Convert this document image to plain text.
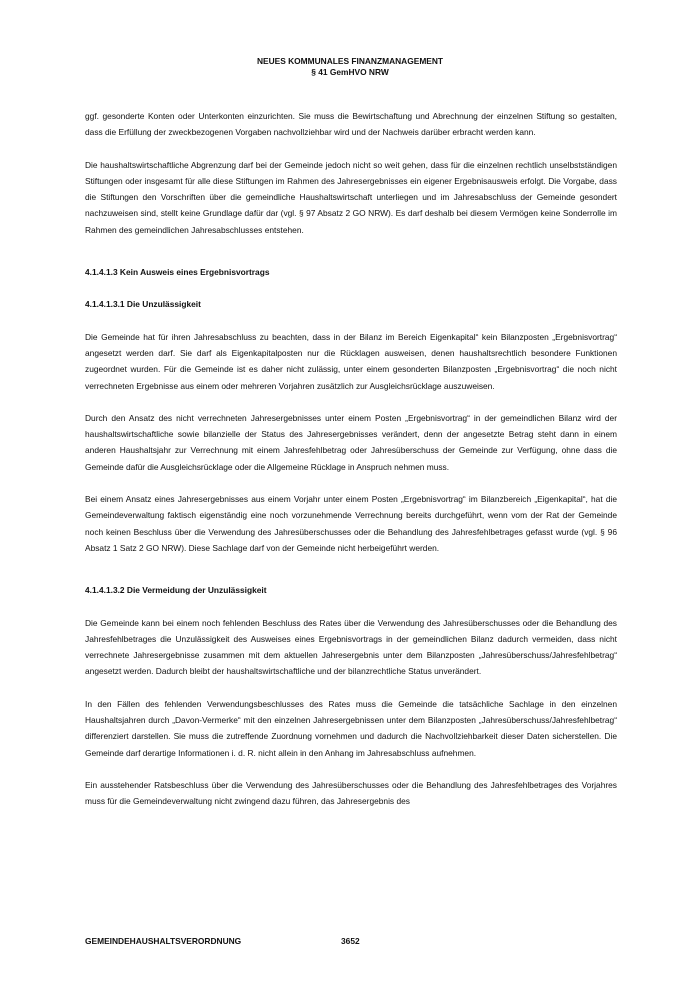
NEUES KOMMUNALES FINANZMANAGEMENT
§ 41 GemHVO NRW

ggf. gesonderte Konten oder Unterkonten einzurichten. Sie muss die Bewirtschaftung und Abrechnung der einzelnen Stiftung so gestalten, dass die Erfüllung der zweckbezogenen Vorgaben nachvollziehbar wird und der Nachweis darüber erbracht werden kann.

Die haushaltswirtschaftliche Abgrenzung darf bei der Gemeinde jedoch nicht so weit gehen, dass für die einzelnen rechtlich unselbstständigen Stiftungen oder insgesamt für alle diese Stiftungen im Rahmen des Jahresergebnisses ein eigener Ergebnisausweis erfolgt. Die Vorgabe, dass die Stiftungen den Vorschriften über die gemeindliche Haushaltswirtschaft unterliegen und im Jahresabschluss der Gemeinde gesondert nachzuweisen sind, stellt keine Grundlage dafür dar (vgl. § 97 Absatz 2 GO NRW). Es darf deshalb bei diesem Vermögen keine Sonderrolle im Rahmen des gemeindlichen Jahresabschlusses entstehen.

4.1.4.1.3 Kein Ausweis eines Ergebnisvortrags

4.1.4.1.3.1 Die Unzulässigkeit

Die Gemeinde hat für ihren Jahresabschluss zu beachten, dass in der Bilanz im Bereich Eigenkapital“ kein Bilanzposten „Ergebnisvortrag“ angesetzt werden darf. Sie darf als Eigenkapitalposten nur die Rücklagen ausweisen, denen haushaltsrechtlich besondere Funktionen zugeordnet wurden. Für die Gemeinde ist es daher nicht zulässig, unter einem gesonderten Bilanzposten „Ergebnisvortrag“ die noch nicht verrechneten Ergebnisse aus einem oder mehreren Vorjahren zusätzlich zur Ausgleichsrücklage auszuweisen.

Durch den Ansatz des nicht verrechneten Jahresergebnisses unter einem Posten „Ergebnisvortrag“ in der gemeindlichen Bilanz wird der haushaltswirtschaftliche sowie bilanzielle der Status des Jahresergebnisses verändert, denn der angesetzte Betrag steht dann in einem anderen Haushaltsjahr zur Verrechnung mit einem Jahresfehlbetrag oder Jahresüberschuss der Gemeinde zur Verfügung, ohne dass die Gemeinde dafür die Ausgleichsrücklage oder die Allgemeine Rücklage in Anspruch nehmen muss.

Bei einem Ansatz eines Jahresergebnisses aus einem Vorjahr unter einem Posten „Ergebnisvortrag“ im Bilanzbereich „Eigenkapital“, hat die Gemeindeverwaltung faktisch eigenständig eine noch vorzunehmende Verrechnung bereits durchgeführt, wenn vom der Rat der Gemeinde noch keinen Beschluss über die Verwendung des Jahresüberschusses oder die Behandlung des Jahresfehlbetrages gefasst wurde (vgl. § 96 Absatz 1 Satz 2 GO NRW). Diese Sachlage darf von der Gemeinde nicht herbeigeführt werden.

4.1.4.1.3.2 Die Vermeidung der Unzulässigkeit

Die Gemeinde kann bei einem noch fehlenden Beschluss des Rates über die Verwendung des Jahresüberschusses oder die Behandlung des Jahresfehlbetrages die Unzulässigkeit des Ausweises eines Ergebnisvortrags in der gemeindlichen Bilanz dadurch vermeiden, dass nicht verrechnete Jahresergebnisse zusammen mit dem aktuellen Jahresergebnis unter dem Bilanzposten „Jahresüberschuss/Jahresfehlbetrag“ angesetzt werden. Dadurch bleibt der haushaltswirtschaftliche und der bilanzrechtliche Status unverändert.

In den Fällen des fehlenden Verwendungsbeschlusses des Rates muss die Gemeinde die tatsächliche Sachlage in den einzelnen Haushaltsjahren durch „Davon-Vermerke“ mit den einzelnen Jahresergebnissen unter dem Bilanzposten „Jahresüberschuss/Jahresfehlbetrag“ differenziert darstellen. Sie muss die zutreffende Zuordnung vornehmen und dadurch die Nachvollziehbarkeit dieser Daten sicherstellen. Die Gemeinde darf derartige Informationen i. d. R. nicht allein in den Anhang im Jahresabschluss aufnehmen.

Ein ausstehender Ratsbeschluss über die Verwendung des Jahresüberschusses oder die Behandlung des Jahresfehlbetrages des Vorjahres muss für die Gemeindeverwaltung nicht zwingend dazu führen, das Jahresergebnis des

GEMEINDEHAUSHALTSVERORDNUNG	3652
